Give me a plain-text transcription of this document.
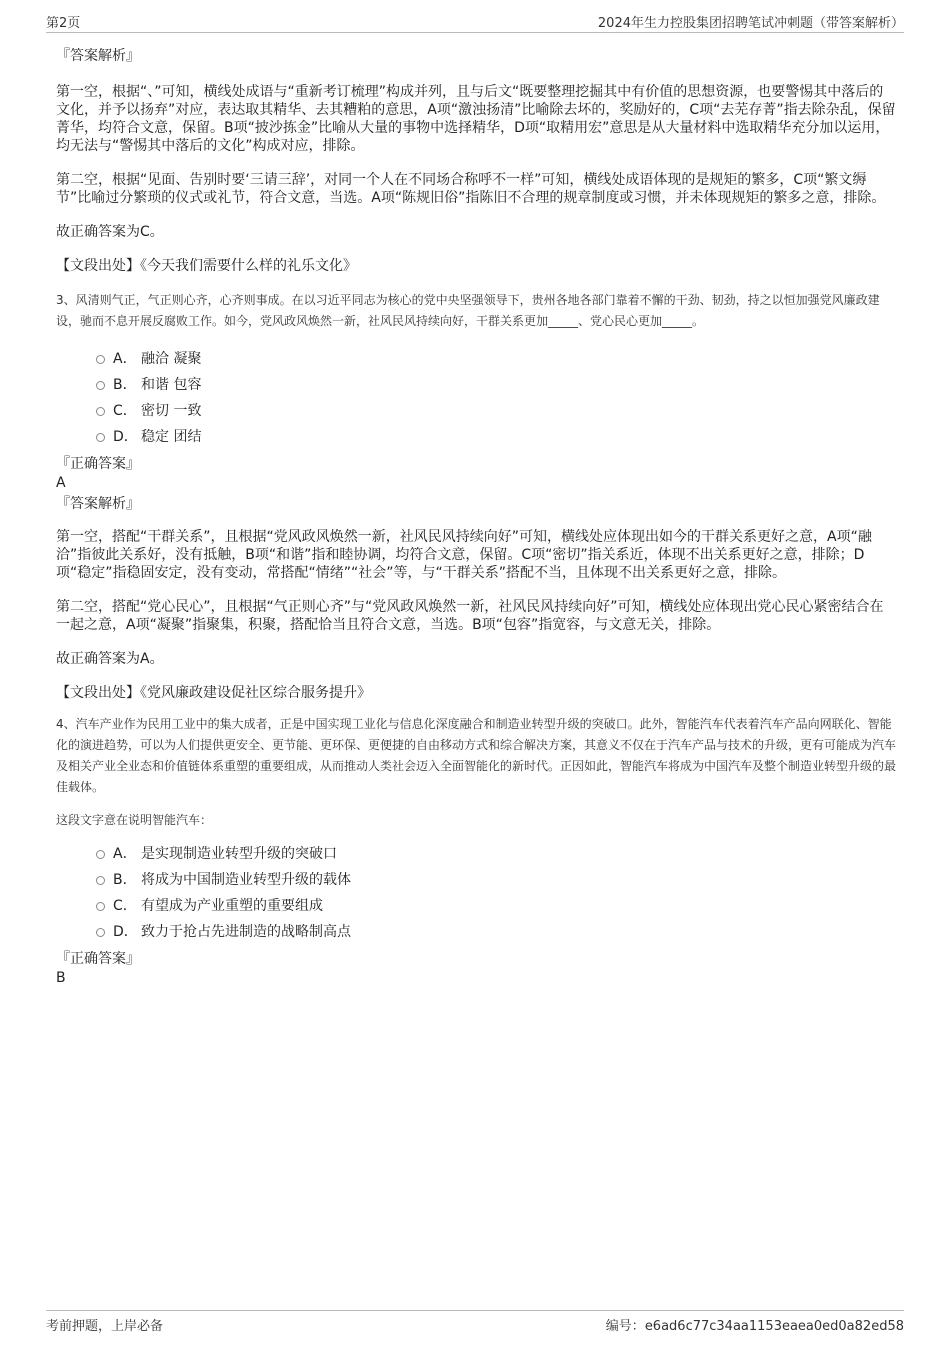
第2页	2024年生力控股集团招聘笔试冲刺题（带答案解析）

『答案解析』

第一空，根据“、”可知，横线处成语与“重新考订梳理”构成并列，且与后文“既要整理挖掘其中有价值的思想资源，也要警惕其中落后的文化，并予以扬弃”对应，表达取其精华、去其糟粕的意思，A项“激浊扬清”比喻除去坏的，奖励好的，C项“去芜存菁”指去除杂乱，保留菁华，均符合文意，保留。B项“披沙拣金”比喻从大量的事物中选择精华，D项“取精用宏”意思是从大量材料中选取精华充分加以运用，均无法与“警惕其中落后的文化”构成对应，排除。

第二空，根据“见面、告别时要‘三请三辞’，对同一个人在不同场合称呼不一样”可知，横线处成语体现的是规矩的繁多，C项“繁文缛节”比喻过分繁琐的仪式或礼节，符合文意，当选。A项“陈规旧俗”指陈旧不合理的规章制度或习惯，并未体现规矩的繁多之意，排除。

故正确答案为C。

【文段出处】《今天我们需要什么样的礼乐文化》

3、风清则气正，气正则心齐，心齐则事成。在以习近平同志为核心的党中央坚强领导下，贵州各地各部门靠着不懈的干劲、韧劲，持之以恒加强党风廉政建设，驰而不息开展反腐败工作。如今，党风政风焕然一新，社风民风持续向好，干群关系更加_____、党心民心更加_____。

A． 融洽 凝聚
B． 和谐 包容
C． 密切 一致
D． 稳定 团结

『正确答案』

A

『答案解析』

第一空，搭配“干群关系”，且根据“党风政风焕然一新，社风民风持续向好”可知，横线处应体现出如今的干群关系更好之意，A项“融洽”指彼此关系好，没有抵触，B项“和谐”指和睦协调，均符合文意，保留。C项“密切”指关系近，体现不出关系更好之意，排除；D项“稳定”指稳固安定，没有变动，常搭配“情绪”“社会”等，与“干群关系”搭配不当，且体现不出关系更好之意，排除。

第二空，搭配“党心民心”，且根据“气正则心齐”与“党风政风焕然一新，社风民风持续向好”可知，横线处应体现出党心民心紧密结合在一起之意，A项“凝聚”指聚集，积聚，搭配恰当且符合文意，当选。B项“包容”指宽容，与文意无关，排除。

故正确答案为A。

【文段出处】《党风廉政建设促社区综合服务提升》

4、汽车产业作为民用工业中的集大成者，正是中国实现工业化与信息化深度融合和制造业转型升级的突破口。此外，智能汽车代表着汽车产品向网联化、智能化的演进趋势，可以为人们提供更安全、更节能、更环保、更便捷的自由移动方式和综合解决方案，其意义不仅在于汽车产品与技术的升级，更有可能成为汽车及相关产业全业态和价值链体系重塑的重要组成，从而推动人类社会迈入全面智能化的新时代。正因如此，智能汽车将成为中国汽车及整个制造业转型升级的最佳载体。

这段文字意在说明智能汽车：

A． 是实现制造业转型升级的突破口
B． 将成为中国制造业转型升级的载体
C． 有望成为产业重塑的重要组成
D． 致力于抢占先进制造的战略制高点

『正确答案』

B

考前押题，上岸必备	编号：e6ad6c77c34aa1153eaea0ed0a82ed58
